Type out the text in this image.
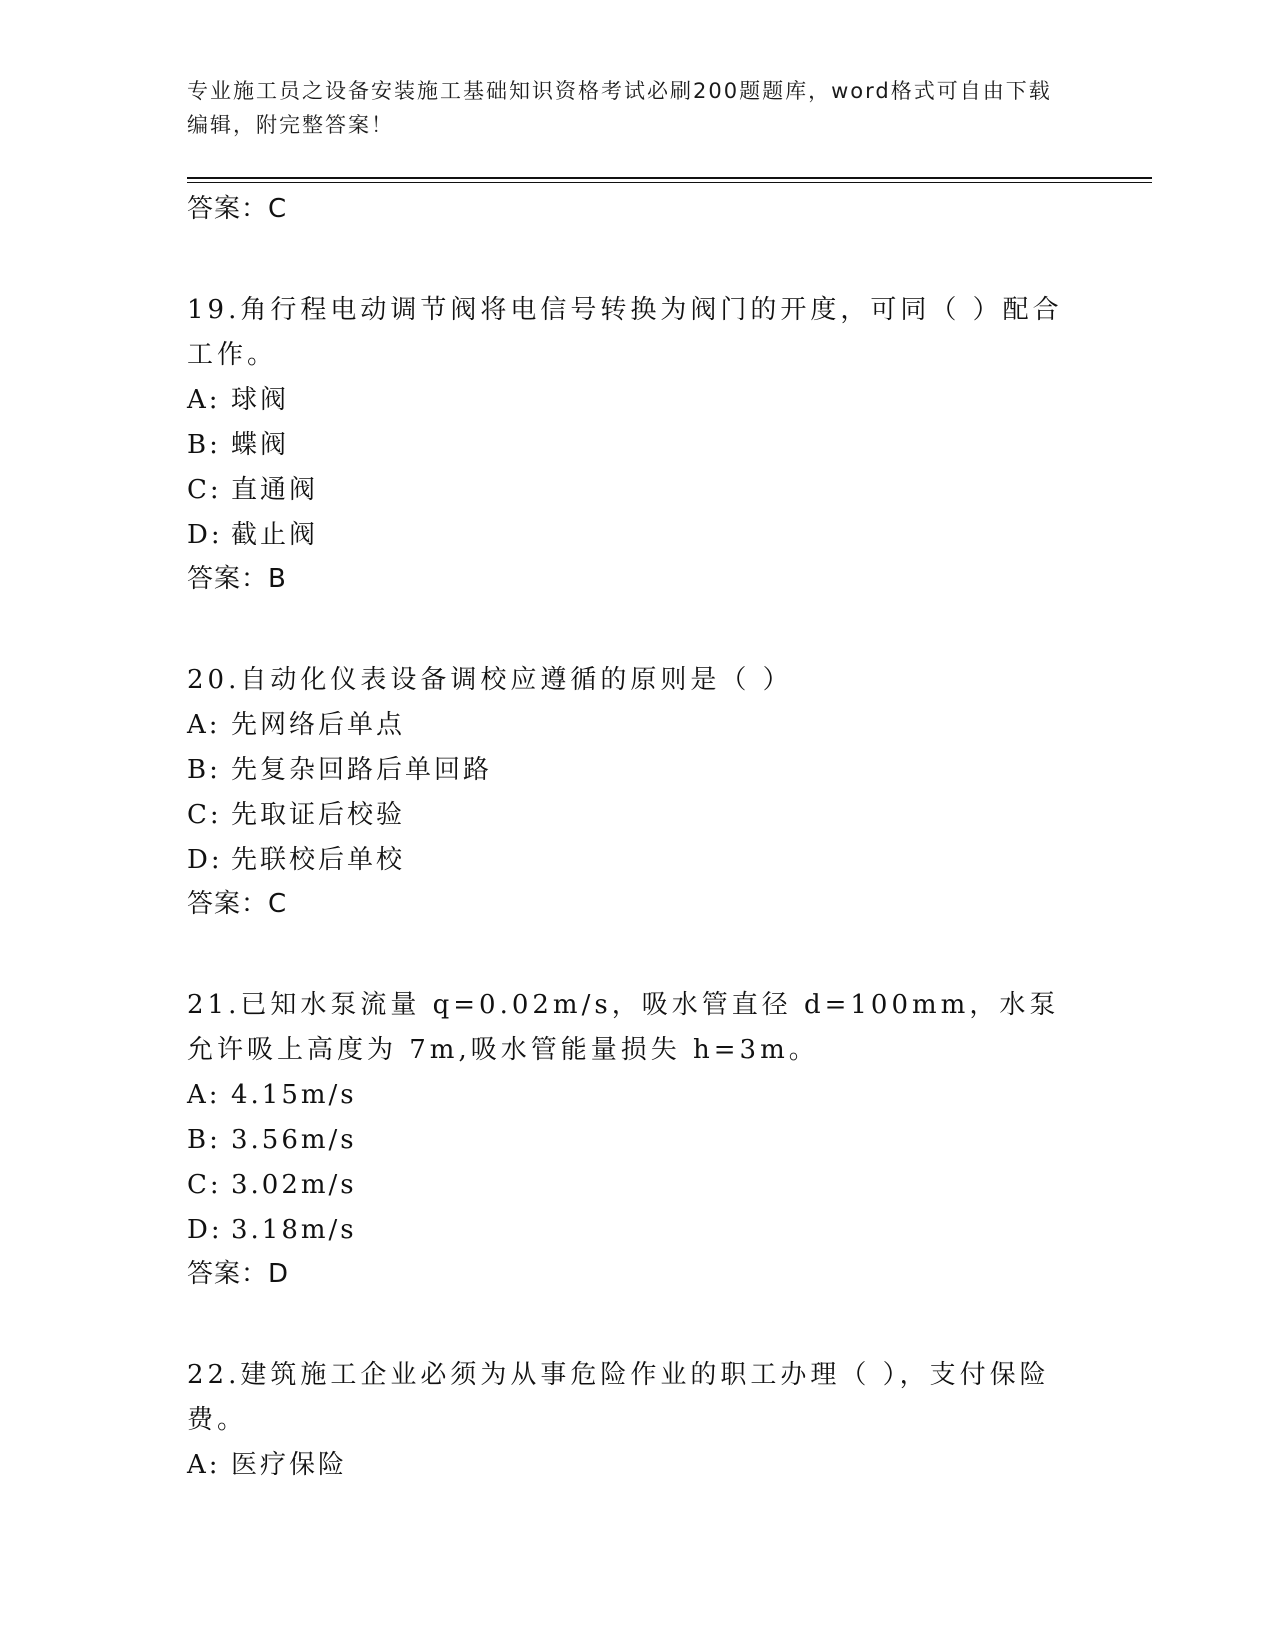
专业施工员之设备安装施工基础知识资格考试必刷200题题库，word格式可自由下载编辑，附完整答案！
答案：C
19.角行程电动调节阀将电信号转换为阀门的开度，可同（ ）配合工作。
A: 球阀
B: 蝶阀
C: 直通阀
D: 截止阀
答案：B
20.自动化仪表设备调校应遵循的原则是（ ）
A: 先网络后单点
B: 先复杂回路后单回路
C: 先取证后校验
D: 先联校后单校
答案：C
21.已知水泵流量 q=0.02m/s，吸水管直径 d=100mm，水泵允许吸上高度为 7m,吸水管能量损失 h=3m。
A: 4.15m/s
B: 3.56m/s
C: 3.02m/s
D: 3.18m/s
答案：D
22.建筑施工企业必须为从事危险作业的职工办理（ ），支付保险费。
A: 医疗保险
